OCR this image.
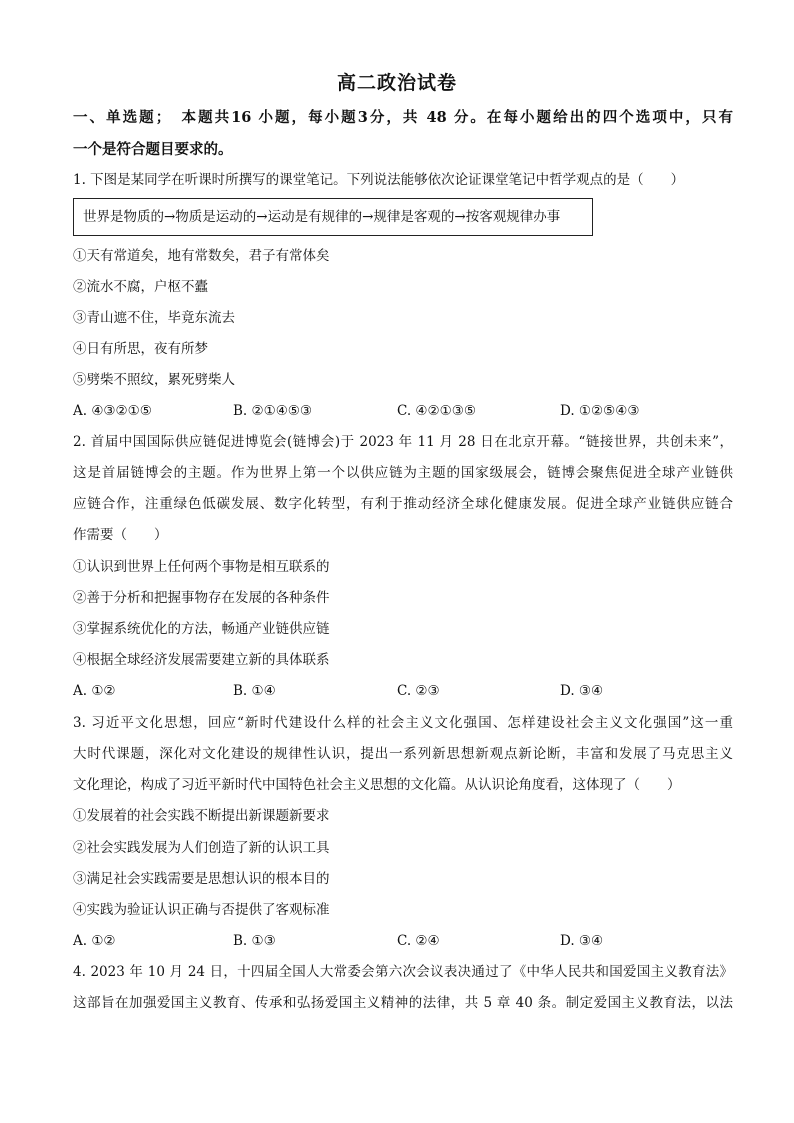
高二政治试卷
一、单选题；　本题共16 小题，每小题3分，共 48 分。在每小题给出的四个选项中，只有
一个是符合题目要求的。
1. 下图是某同学在听课时所撰写的课堂笔记。下列说法能够依次论证课堂笔记中哲学观点的是（　　）
世界是物质的→物质是运动的→运动是有规律的→规律是客观的→按客观规律办事
①天有常道矣，地有常数矣，君子有常体矣
②流水不腐，户枢不蠹
③青山遮不住，毕竟东流去
④日有所思，夜有所梦
⑤劈柴不照纹，累死劈柴人
A. ④③②①⑤	B. ②①④⑤③	C. ④②①③⑤	D. ①②⑤④③
2. 首届中国国际供应链促进博览会(链博会)于 2023 年 11 月 28 日在北京开幕。“链接世界，共创未来”，
这是首届链博会的主题。作为世界上第一个以供应链为主题的国家级展会，链博会聚焦促进全球产业链供
应链合作，注重绿色低碳发展、数字化转型，有利于推动经济全球化健康发展。促进全球产业链供应链合
作需要（　　）
①认识到世界上任何两个事物是相互联系的
②善于分析和把握事物存在发展的各种条件
③掌握系统优化的方法，畅通产业链供应链
④根据全球经济发展需要建立新的具体联系
A. ①②	B. ①④	C. ②③	D. ③④
3. 习近平文化思想，回应“新时代建设什么样的社会主义文化强国、怎样建设社会主义文化强国”这一重
大时代课题，深化对文化建设的规律性认识，提出一系列新思想新观点新论断，丰富和发展了马克思主义
文化理论，构成了习近平新时代中国特色社会主义思想的文化篇。从认识论角度看，这体现了（　　）
①发展着的社会实践不断提出新课题新要求
②社会实践发展为人们创造了新的认识工具
③满足社会实践需要是思想认识的根本目的
④实践为验证认识正确与否提供了客观标准
A. ①②	B. ①③	C. ②④	D. ③④
4. 2023 年 10 月 24 日，十四届全国人大常委会第六次会议表决通过了《中华人民共和国爱国主义教育法》
这部旨在加强爱国主义教育、传承和弘扬爱国主义精神的法律，共 5 章 40 条。制定爱国主义教育法，以法
